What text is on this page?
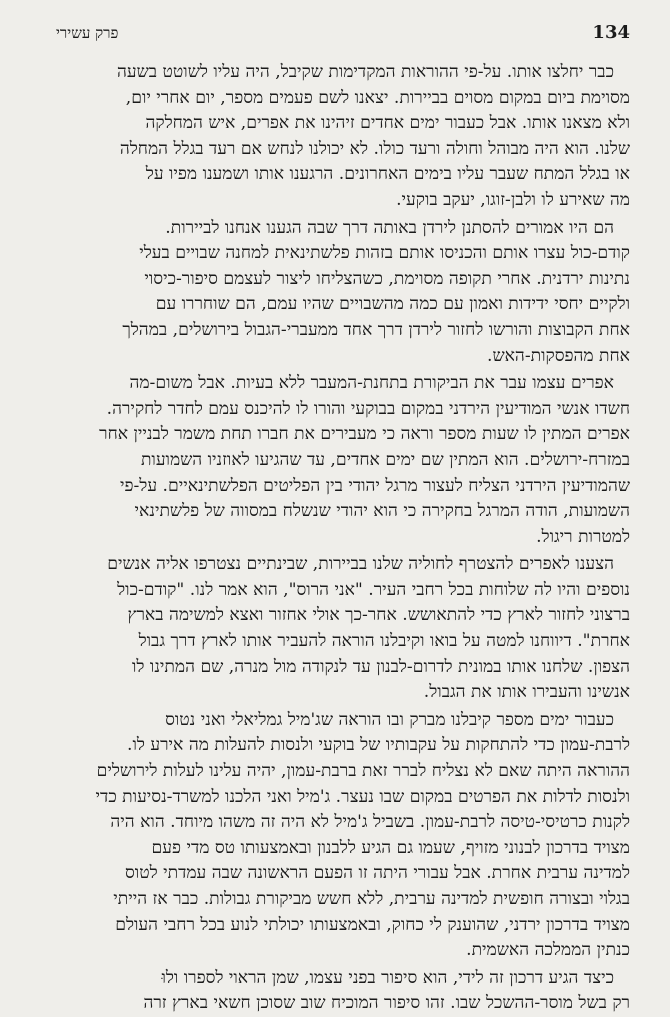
134
פרק עשירי
כבר יחלצו אותו. על-פי ההוראות המקדימות שקיבל, היה עליו לשוטט בשעה
מסוימת ביום במקום מסוים בביירות. יצאנו לשם פעמים מספר, יום אחרי יום,
ולא מצאנו אותו. אבל כעבור ימים אחדים זיהינו את אפרים, איש המחלקה
שלנו. הוא היה מבוהל וחולה ורעד כולו. לא יכולנו לנחש אם רעד בגלל המחלה
או בגלל המתח שעבר עליו בימים האחרונים. הרגענו אותו ושמענו מפיו על
מה שאירע לו ולבן-זוגו, יעקב בוקעי.
הם היו אמורים להסתנן לירדן באותה דרך שבה הגענו אנחנו לביירות.
קודם-כול עצרו אותם והכניסו אותם בזהות פלשתינאית למחנה שבויים בעלי
נתינות ירדנית. אחרי תקופה מסוימת, כשהצליחו ליצור לעצמם סיפור-כיסוי
ולקיים יחסי ידידות ואמון עם כמה מהשבויים שהיו עמם, הם שוחררו עם
אחת הקבוצות והורשו לחזור לירדן דרך אחד ממעברי-הגבול בירושלים, במהלך
אחת מהפסקות-האש.
אפרים עצמו עבר את הביקורת בתחנת-המעבר ללא בעיות. אבל משום-מה
חשדו אנשי המודיעין הירדני במקום בבוקעי והורו לו להיכנס עמם לחדר לחקירה.
אפרים המתין לו שעות מספר וראה כי מעבירים את חברו תחת משמר לבניין אחר
במזרח-ירושלים. הוא המתין שם ימים אחדים, עד שהגיעו לאוזניו השמועות
שהמודיעין הירדני הצליח לעצור מרגל יהודי בין הפליטים הפלשתינאיים. על-פי
השמועות, הודה המרגל בחקירה כי הוא יהודי שנשלח במסווה של פלשתינאי
למטרות ריגול.
הצענו לאפרים להצטרף לחוליה שלנו בביירות, שבינתיים נצטרפו אליה אנשים
נוספים והיו לה שלוחות בכל רחבי העיר. "אני הרוס", הוא אמר לנו. "קודם-כול
ברצוני לחזור לארץ כדי להתאושש. אחר-כך אולי אחזור ואצא למשימה בארץ
אחרת". דיווחנו למטה על בואו וקיבלנו הוראה להעביר אותו לארץ דרך גבול
הצפון. שלחנו אותו במונית לדרום-לבנון עד לנקודה מול מנרה, שם המתינו לו
אנשינו והעבירו אותו את הגבול.
כעבור ימים מספר קיבלנו מברק ובו הוראה שג'מיל גמליאלי ואני נטוס
לרבת-עמון כדי להתחקות על עקבותיו של בוקעי ולנסות להעלות מה אירע לו.
ההוראה היתה שאם לא נצליח לברר זאת ברבת-עמון, יהיה עלינו לעלות לירושלים
ולנסות לדלות את הפרטים במקום שבו נעצר. ג'מיל ואני הלכנו למשרד-נסיעות כדי
לקנות כרטיסי-טיסה לרבת-עמון. בשביל ג'מיל לא היה זה משהו מיוחד. הוא היה
מצויד בדרכון לבנוני מזויף, שעמו גם הגיע ללבנון ובאמצעותו טס מדי פעם
למדינה ערבית אחרת. אבל עבורי היתה זו הפעם הראשונה שבה עמדתי לטוס
בגלוי ובצורה חופשית למדינה ערבית, ללא חשש מביקורת גבולות. כבר אז הייתי
מצויד בדרכון ירדני, שהוענק לי כחוק, ובאמצעותו יכולתי לנוע בכל רחבי העולם
כנתין הממלכה האשמית.
כיצד הגיע דרכון זה לידי, הוא סיפור בפני עצמו, שמן הראוי לספרו ולוּ
רק בשל מוסר-ההשכל שבו. זהו סיפור המוכיח שוב שסוכן חשאי בארץ זרה
